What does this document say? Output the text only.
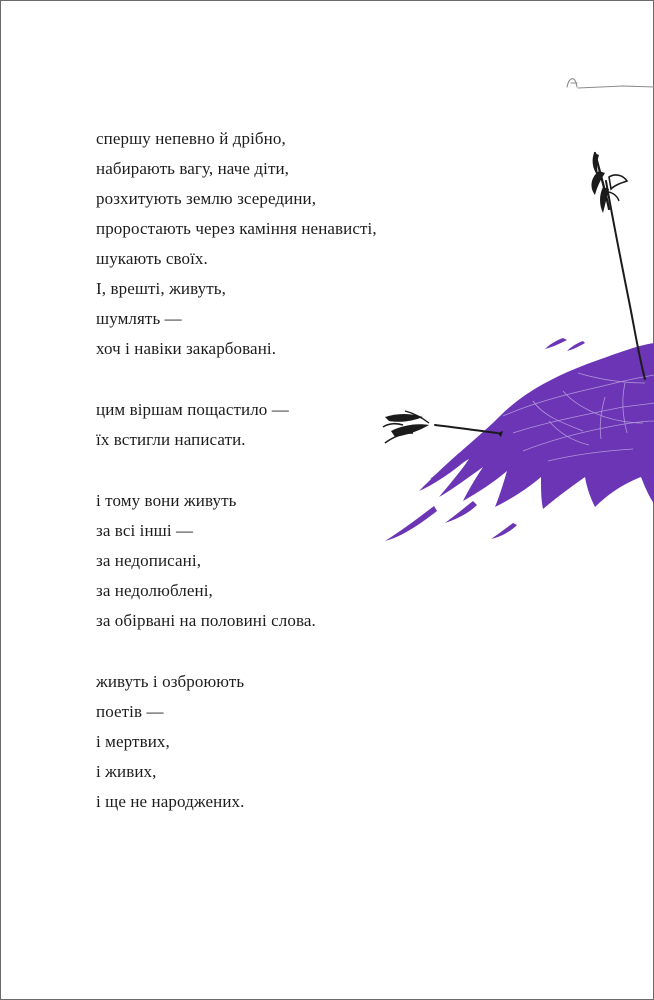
спершу непевно й дрібно,
набирають вагу, наче діти,
розхитують землю зсередини,
проростають через каміння ненависті,
шукають своїх.
І, врешті, живуть,
шумлять —
хоч і навіки закарбовані.
цим віршам пощастило —
їх встигли написати.
і тому вони живуть
за всі інші —
за недописані,
за недолюблені,
за обірвані на половині слова.
живуть і озброюють
поетів —
і мертвих,
і живих,
і ще не народжених.
